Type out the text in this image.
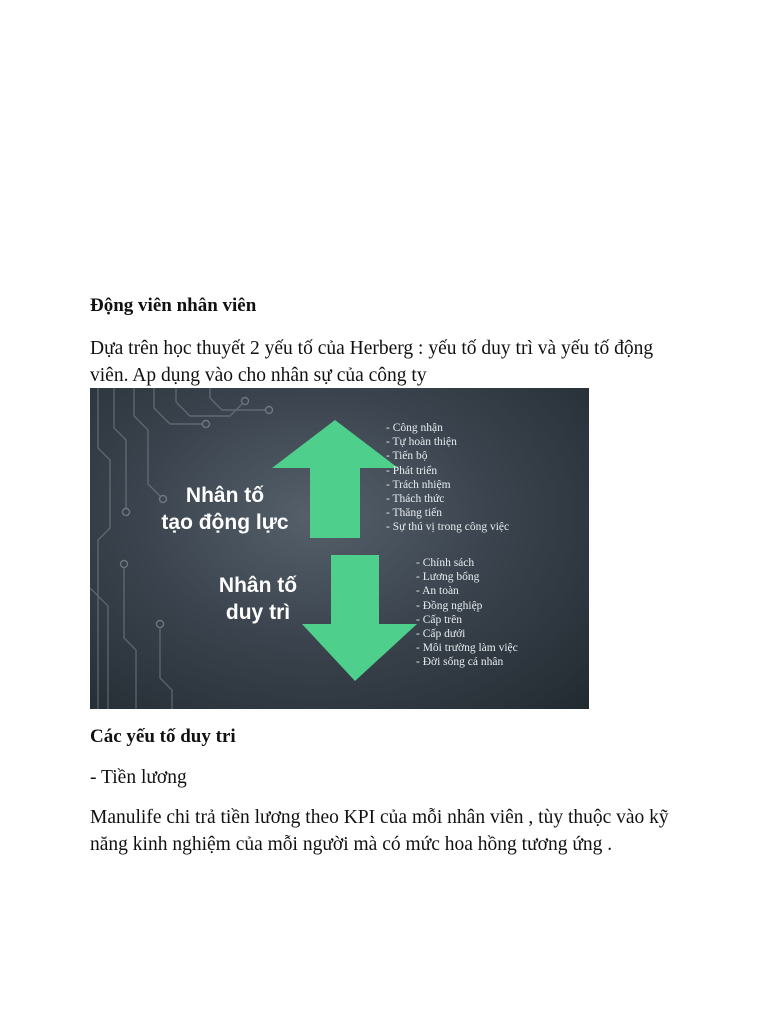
Động viên nhân viên
Dựa trên học thuyết 2 yếu tố của Herberg : yếu tố duy trì và yếu tố động viên. Ap dụng vào cho nhân sự của công ty
Nhân tố
tạo động lực
Nhân tố
duy trì
- Công nhận
- Tự hoàn thiện
- Tiến bộ
- Phát triển
- Trách nhiệm
- Thách thức
- Thăng tiến
- Sự thú vị trong công việc
- Chính sách
- Lương bổng
- An toàn
- Đồng nghiệp
- Cấp trên
- Cấp dưới
- Môi trường làm việc
- Đời sống cá nhân
Các yếu tố duy tri
- Tiền lương
Manulife chi trả tiền lương theo KPI của mỗi nhân viên , tùy thuộc vào kỹ năng kinh nghiệm của mỗi người mà có mức hoa hồng tương ứng .
